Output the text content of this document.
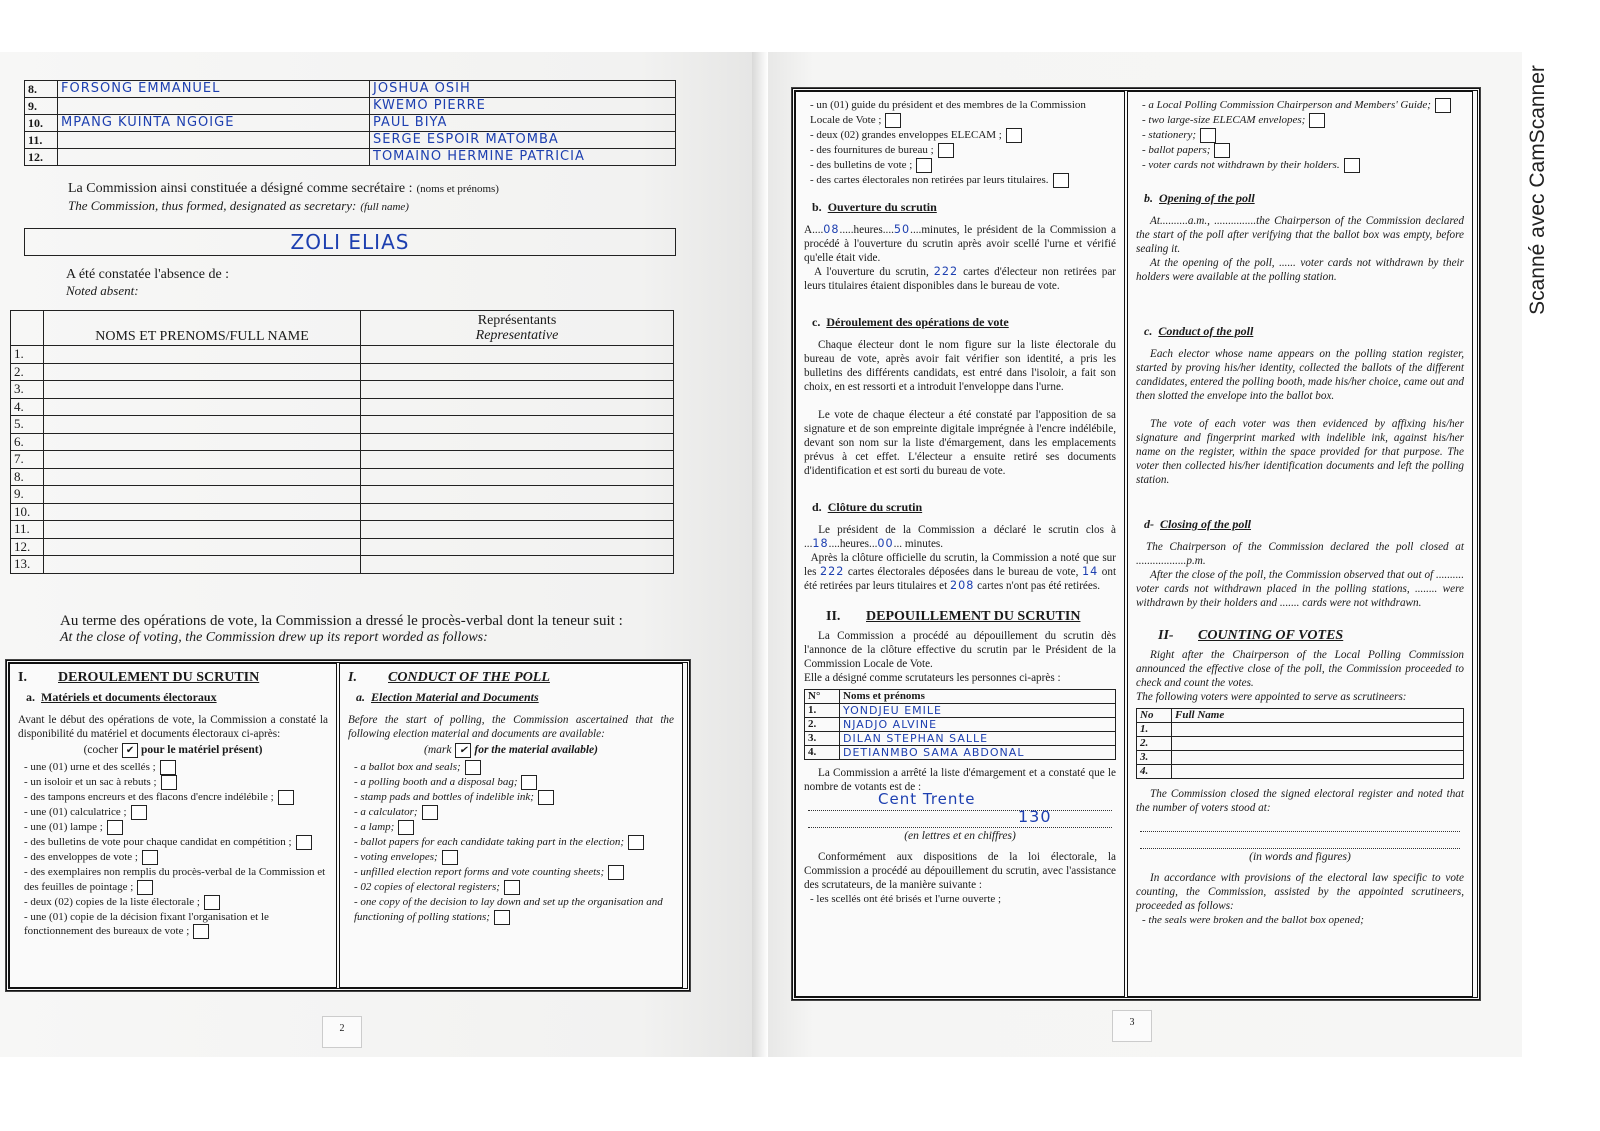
Scanné avec CamScanner
8.	FORSONG EMMANUEL	JOSHUA OSIH
9.		KWEMO PIERRE
10.	MPANG KUINTA NGOIGE	PAUL BIYA
11.		SERGE ESPOIR MATOMBA
12.		TOMAINO HERMINE PATRICIA
La Commission ainsi constituée a désigné comme secrétaire : (noms et prénoms)
The Commission, thus formed, designated as secretary: (full name)
ZOLI ELIAS
A été constatée l'absence de :
Noted absent:
	NOMS ET PRENOMS/FULL NAME	Représentants
Representative

1.		
2.		
3.		
4.		
5.		
6.		
7.		
8.		
9.		
10.		
11.		
12.		
13.		
Au terme des opérations de vote, la Commission a dressé le procès-verbal dont la teneur suit :
At the close of voting, the Commission drew up its report worded as follows:
I. DEROULEMENT DU SCRUTIN
a. Matériels et documents électoraux

Avant le début des opérations de vote, la Commission a constaté la disponibilité du matériel et documents électoraux ci-après:

(cocher ✔ pour le matériel présent)
- une (01) urne et des scellés ;
- un isoloir et un sac à rebuts ;
- des tampons encreurs et des flacons d'encre indélébile ;
- une (01) calculatrice ;
- une (01) lampe ;
- des bulletins de vote pour chaque candidat en compétition ;
- des enveloppes de vote ;
- des exemplaires non remplis du procès-verbal de la Commission et des feuilles de pointage ;
- deux (02) copies de la liste électorale ;
- une (01) copie de la décision fixant l'organisation et le fonctionnement des bureaux de vote ;
I. CONDUCT OF THE POLL
a. Election Material and Documents

Before the start of polling, the Commission ascertained that the following election material and documents are available:

(mark ✔ for the material available)
- a ballot box and seals;
- a polling booth and a disposal bag;
- stamp pads and bottles of indelible ink;
- a calculator;
- a lamp;
- ballot papers for each candidate taking part in the election;
- voting envelopes;
- unfilled election report forms and vote counting sheets;
- 02 copies of electoral registers;
- one copy of the decision to lay down and set up the organisation and functioning of polling stations;
2
- un (01) guide du président et des membres de la Commission Locale de Vote ;
- deux (02) grandes enveloppes ELECAM ;
- des fournitures de bureau ;
- des bulletins de vote ;
- des cartes électorales non retirées par leurs titulaires.
b. Ouverture du scrutin

A....08.....heures....50....minutes, le président de la Commission a procédé à l'ouverture du scrutin après avoir scellé l'urne et vérifié qu'elle était vide.
A l'ouverture du scrutin, 222 cartes d'électeur non retirées par leurs titulaires étaient disponibles dans le bureau de vote.

c. Déroulement des opérations de vote

Chaque électeur dont le nom figure sur la liste électorale du bureau de vote, après avoir fait vérifier son identité, a pris les bulletins des différents candidats, est entré dans l'isoloir, a fait son choix, en est ressorti et a introduit l'enveloppe dans l'urne.

Le vote de chaque électeur a été constaté par l'apposition de sa signature et de son empreinte digitale imprégnée à l'encre indélébile, devant son nom sur la liste d'émargement, dans les emplacements prévus à cet effet. L'électeur a ensuite retiré ses documents d'identification et est sorti du bureau de vote.

d. Clôture du scrutin

Le président de la Commission a déclaré le scrutin clos à ...18....heures...00... minutes.
Après la clôture officielle du scrutin, la Commission a noté que sur les 222 cartes électorales déposées dans le bureau de vote, 14 ont été retirées par leurs titulaires et 208 cartes n'ont pas été retirées.

II. DEPOUILLEMENT DU SCRUTIN

La Commission a procédé au dépouillement du scrutin dès l'annonce de la clôture effective du scrutin par le Président de la Commission Locale de Vote.

Elle a désigné comme scrutateurs les personnes ci-après :

N°	Noms et prénoms
1.	YONDJEU EMILE
2.	NJADJO ALVINE
3.	DILAN STEPHAN SALLE
4.	DETIANMBO SAMA ABDONAL

La Commission a arrêté la liste d'émargement et a constaté que le nombre de votants est de :

Cent Trente
130
(en lettres et en chiffres)

Conformément aux dispositions de la loi électorale, la Commission a procédé au dépouillement du scrutin, avec l'assistance des scrutateurs, de la manière suivante :

- les scellés ont été brisés et l'urne ouverte ;
- a Local Polling Commission Chairperson and Members' Guide;
- two large-size ELECAM envelopes;
- stationery;
- ballot papers;
- voter cards not withdrawn by their holders.
b. Opening of the poll

At..........a.m., ...............the Chairperson of the Commission declared the start of the poll after verifying that the ballot box was empty, before sealing it.

At the opening of the poll, ...... voter cards not withdrawn by their holders were available at the polling station.

c. Conduct of the poll

Each elector whose name appears on the polling station register, started by proving his/her identity, collected the ballots of the different candidates, entered the polling booth, made his/her choice, came out and then slotted the envelope into the ballot box.

The vote of each voter was then evidenced by affixing his/her signature and fingerprint marked with indelible ink, against his/her name on the register, within the space provided for that purpose. The voter then collected his/her identification documents and left the polling station.

d- Closing of the poll

The Chairperson of the Commission declared the poll closed at ..................p.m.

After the close of the poll, the Commission observed that out of .......... voter cards not withdrawn placed in the polling stations, ........ were withdrawn by their holders and ....... cards were not withdrawn.

II- COUNTING OF VOTES

Right after the Chairperson of the Local Polling Commission announced the effective close of the poll, the Commission proceeded to check and count the votes.

The following voters were appointed to serve as scrutineers:

No	Full Name
1.	
2.	
3.	
4.	

The Commission closed the signed electoral register and noted that the number of voters stood at:

(in words and figures)

In accordance with provisions of the electoral law specific to vote counting, the Commission, assisted by the appointed scrutineers, proceeded as follows:

- the seals were broken and the ballot box opened;
3
